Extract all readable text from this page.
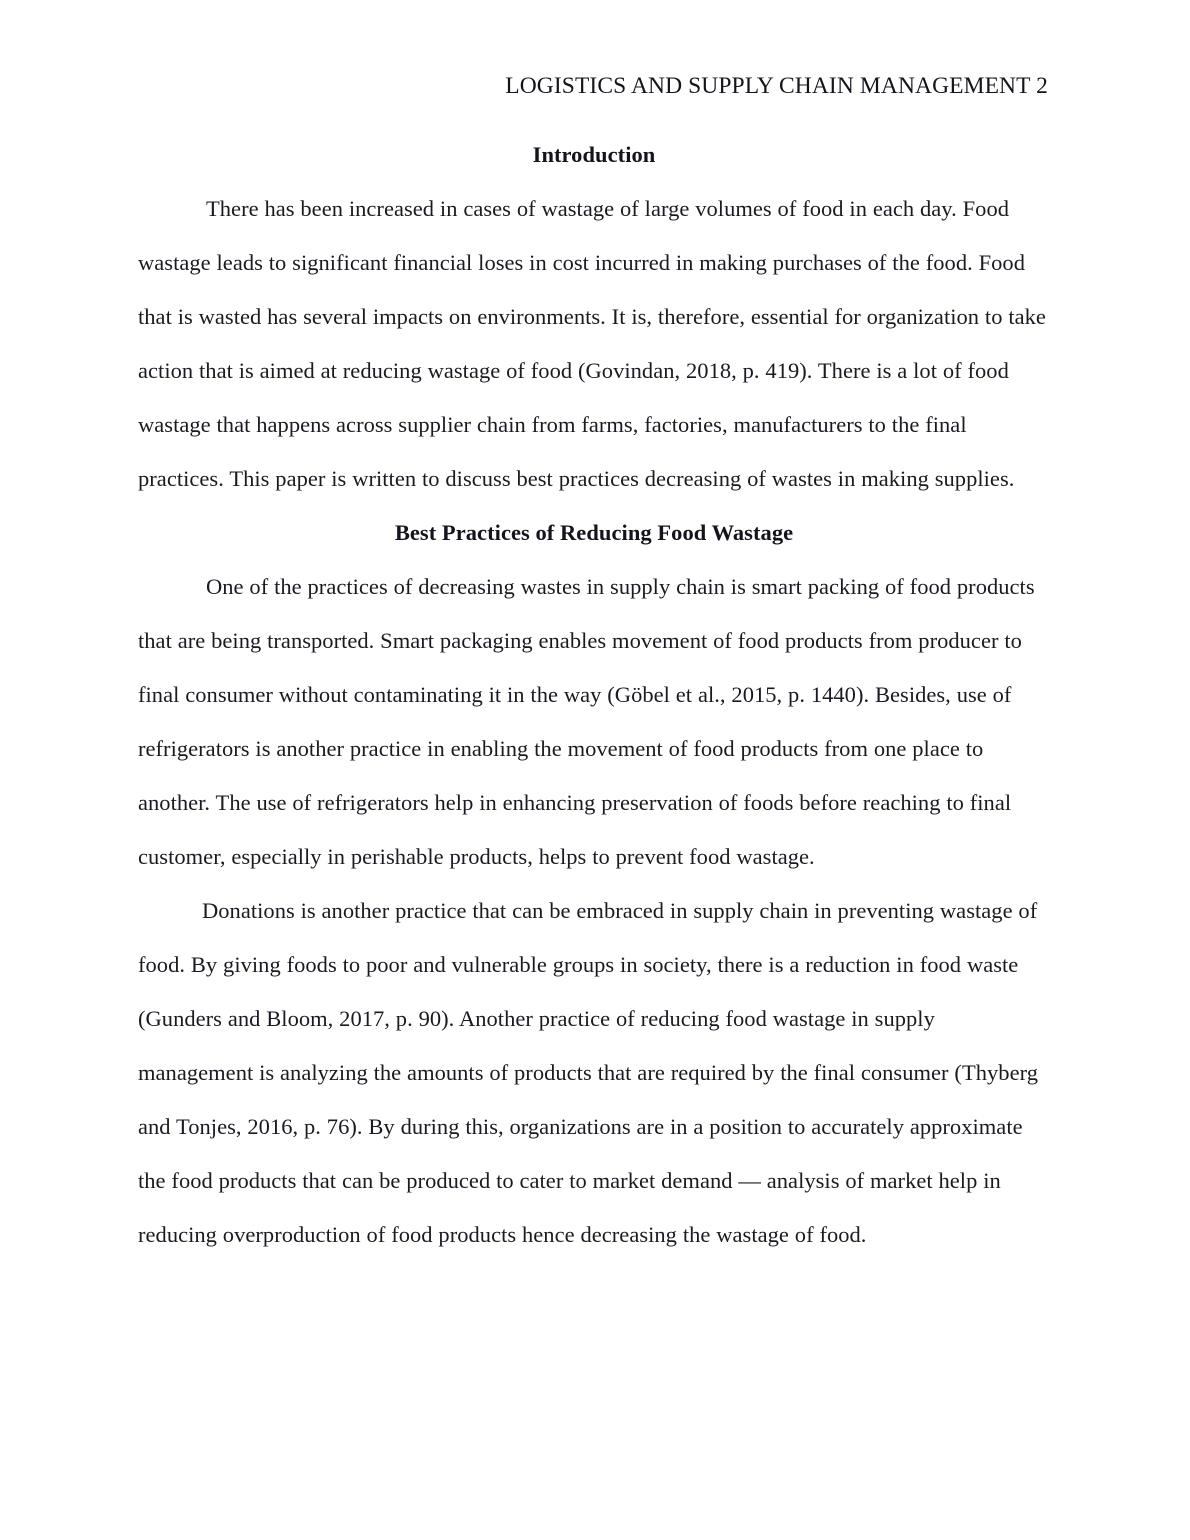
LOGISTICS AND SUPPLY CHAIN MANAGEMENT 2
Introduction

There has been increased in cases of wastage of large volumes of food in each day. Food wastage leads to significant financial loses in cost incurred in making purchases of the food. Food that is wasted has several impacts on environments. It is, therefore, essential for organization to take action that is aimed at reducing wastage of food (Govindan, 2018, p. 419). There is a lot of food wastage that happens across supplier chain from farms, factories, manufacturers to the final practices. This paper is written to discuss best practices decreasing of wastes in making supplies.

Best Practices of Reducing Food Wastage

One of the practices of decreasing wastes in supply chain is smart packing of food products that are being transported. Smart packaging enables movement of food products from producer to final consumer without contaminating it in the way (Göbel et al., 2015, p. 1440). Besides, use of refrigerators is another practice in enabling the movement of food products from one place to another. The use of refrigerators help in enhancing preservation of foods before reaching to final customer, especially in perishable products, helps to prevent food wastage.

Donations is another practice that can be embraced in supply chain in preventing wastage of food. By giving foods to poor and vulnerable groups in society, there is a reduction in food waste (Gunders and Bloom, 2017, p. 90). Another practice of reducing food wastage in supply management is analyzing the amounts of products that are required by the final consumer (Thyberg and Tonjes, 2016, p. 76). By during this, organizations are in a position to accurately approximate the food products that can be produced to cater to market demand — analysis of market help in reducing overproduction of food products hence decreasing the wastage of food.
